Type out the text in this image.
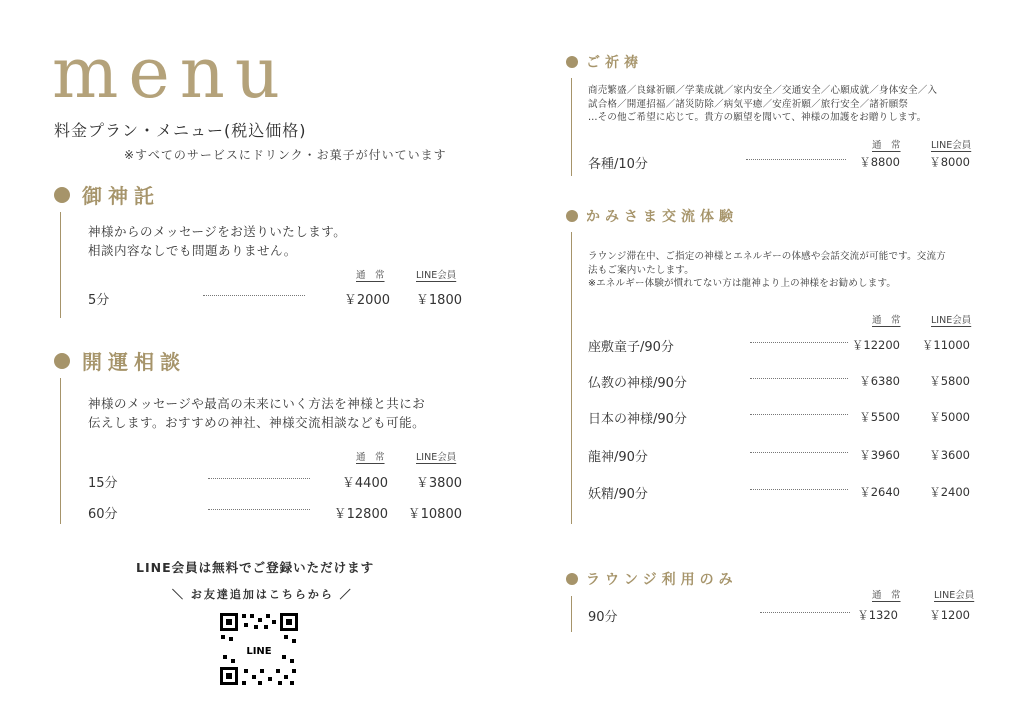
menu
料金プラン・メニュー(税込価格)
※すべてのサービスにドリンク・お菓子が付いています
御神託
神様からのメッセージをお送りいたします。
相談内容なしでも問題ありません。
通　常	LINE会員
5分	￥2000	￥1800
開運相談
神様のメッセージや最高の未来にいく方法を神様と共にお
伝えします。おすすめの神社、神様交流相談なども可能。
通　常	LINE会員
15分	￥4400	￥3800
60分	￥12800	￥10800
LINE会員は無料でご登録いただけます
＼ お友達追加はこちらから ／
LINE
ご祈祷
商売繁盛／良縁祈願／学業成就／家内安全／交通安全／心願成就／身体安全／入
試合格／開運招福／諸災防除／病気平癒／安産祈願／旅行安全／諸祈願祭
…その他ご希望に応じて。貴方の願望を聞いて、神様の加護をお贈りします。
通　常	LINE会員
各種/10分	￥8800	￥8000
かみさま交流体験
ラウンジ滞在中、ご指定の神様とエネルギーの体感や会話交流が可能です。交流方
法もご案内いたします。
※エネルギー体験が慣れてない方は龍神より上の神様をお勧めします。
通　常	LINE会員
座敷童子/90分	￥12200	￥11000
仏教の神様/90分	￥6380	￥5800
日本の神様/90分	￥5500	￥5000
龍神/90分	￥3960	￥3600
妖精/90分	￥2640	￥2400
ラウンジ利用のみ
通　常	LINE会員
90分	￥1320	￥1200
